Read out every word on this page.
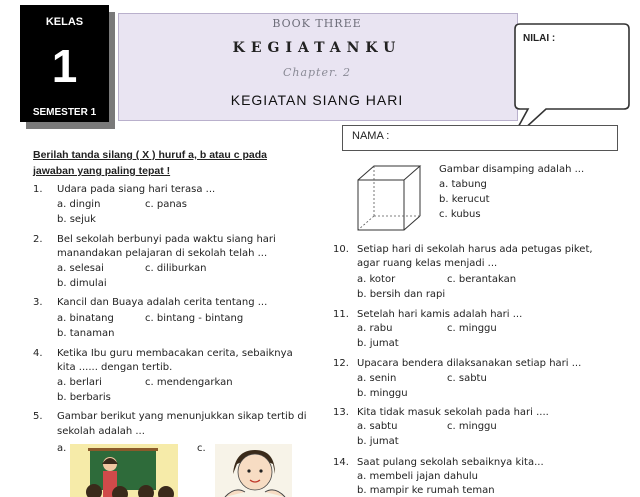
KELAS
1
SEMESTER 1
BOOK THREE
KEGIATANKU
Chapter. 2
KEGIATAN SIANG HARI
NILAI :
NAMA :
Berilah tanda silang ( X ) huruf a, b atau c pada
jawaban yang paling tepat !
1. Udara pada siang hari terasa ...
a. dingin	c. panas
b. sejuk
2. Bel sekolah berbunyi pada waktu siang hari
manandakan pelajaran di sekolah telah ...
a. selesai	c. diliburkan
b. dimulai
3. Kancil dan Buaya adalah cerita tentang ...
a. binatang	c. bintang - bintang
b. tanaman
4. Ketika Ibu guru membacakan cerita, sebaiknya
kita ...... dengan tertib.
a. berlari	c. mendengarkan
b. berbaris
5. Gambar berikut yang menunjukkan sikap tertib di
sekolah adalah ...
a.	c.
Gambar disamping adalah ...
a. tabung
b. kerucut
c. kubus
10. Setiap hari di sekolah harus ada petugas piket,
agar ruang kelas menjadi ...
a. kotor	c. berantakan
b. bersih dan rapi
11. Setelah hari kamis adalah hari ...
a. rabu	c. minggu
b. jumat
12. Upacara bendera dilaksanakan setiap hari ...
a. senin	c. sabtu
b. minggu
13. Kita tidak masuk sekolah pada hari ....
a. sabtu	c. minggu
b. jumat
14. Saat pulang sekolah sebaiknya kita...
a. membeli jajan dahulu
b. mampir ke rumah teman
